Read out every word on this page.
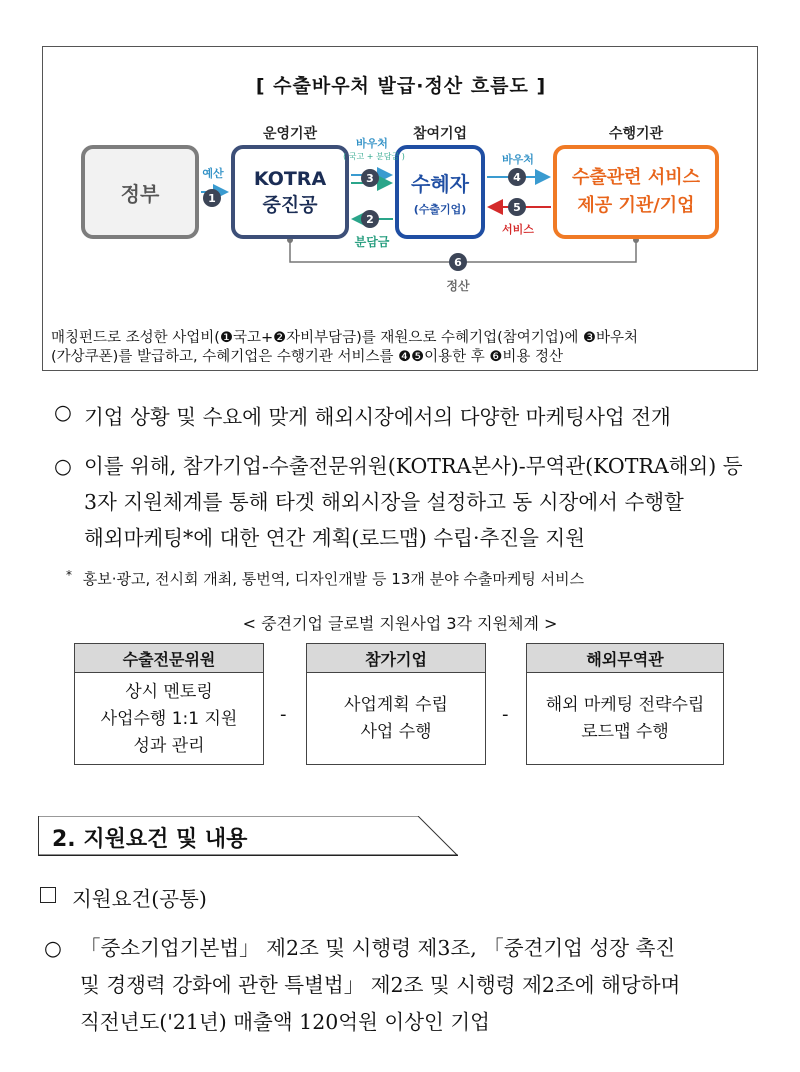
[ 수출바우처 발급·정산 흐름도 ]
운영기관	참여기업	수행기관
정부
KOTRA
중진공
수혜자
(수출기업)
수출관련 서비스
제공 기관/기업
예산
1
바우처
( 국고 + 분담금 )
3
2
분담금
바우처
4
5
서비스
6
정산
매칭펀드로 조성한 사업비(❶국고+❷자비부담금)를 재원으로 수혜기업(참여기업)에 ❸바우처
(가상쿠폰)를 발급하고, 수혜기업은 수행기관 서비스를 ❹❺이용한 후 ❻비용 정산
○ 기업 상황 및 수요에 맞게 해외시장에서의 다양한 마케팅사업 전개
○ 이를 위해, 참가기업-수출전문위원(KOTRA본사)-무역관(KOTRA해외) 등
3자 지원체계를 통해 타겟 해외시장을 설정하고 동 시장에서 수행할
해외마케팅*에 대한 연간 계획(로드맵) 수립·추진을 지원
* 홍보·광고, 전시회 개최, 통번역, 디자인개발 등 13개 분야 수출마케팅 서비스
< 중견기업 글로벌 지원사업 3각 지원체계 >
수출전문위원
상시 멘토링
사업수행 1:1 지원
성과 관리
-
참가기업
사업계획 수립
사업 수행
-
해외무역관
해외 마케팅 전략수립
로드맵 수행
2. 지원요건 및 내용
지원요건(공통)
○ 「중소기업기본법」 제2조 및 시행령 제3조, 「중견기업 성장 촉진
및 경쟁력 강화에 관한 특별법」 제2조 및 시행령 제2조에 해당하며
직전년도('21년) 매출액 120억원 이상인 기업
